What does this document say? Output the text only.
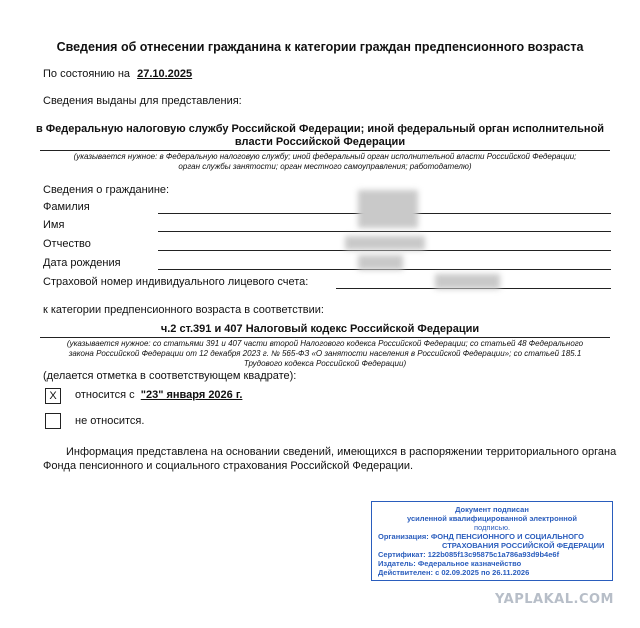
Сведения об отнесении гражданина к категории граждан предпенсионного возраста
По состоянию на 27.10.2025
Сведения выданы для представления:
в Федеральную налоговую службу Российской Федерации; иной федеральный орган исполнительной
власти Российской Федерации
(указывается нужное: в Федеральную налоговую службу; иной федеральный орган исполнительной власти Российской Федерации;
орган службы занятости; орган местного самоуправления; работодателю)
Сведения о гражданине:
Фамилия
Имя
Отчество
Дата рождения
Страховой номер индивидуального лицевого счета:
к категории предпенсионного возраста в соответствии:
ч.2 ст.391 и 407 Налоговый кодекс Российской Федерации
(указывается нужное: со статьями 391 и 407 части второй Налогового кодекса Российской Федерации; со статьей 48 Федерального
закона Российской Федерации от 12 декабря 2023 г. № 565-ФЗ «О занятости населения в Российской Федерации»; со статьей 185.1
Трудового кодекса Российской Федерации)
(делается отметка в соответствующем квадрате):
X	относится с "23" января 2026 г.
не относится.
Информация представлена на основании сведений, имеющихся в распоряжении территориального органа
Фонда пенсионного и социального страхования Российской Федерации.
Документ подписан
усиленной квалифицированной электронной
подписью.
Организация: ФОНД ПЕНСИОННОГО И СОЦИАЛЬНОГО
СТРАХОВАНИЯ РОССИЙСКОЙ ФЕДЕРАЦИИ
Сертификат: 122b085f13c95875c1a786a93d9b4e6f
Издатель: Федеральное казначейство
Действителен: с 02.09.2025 по 26.11.2026
YAPLAKAL.COM
